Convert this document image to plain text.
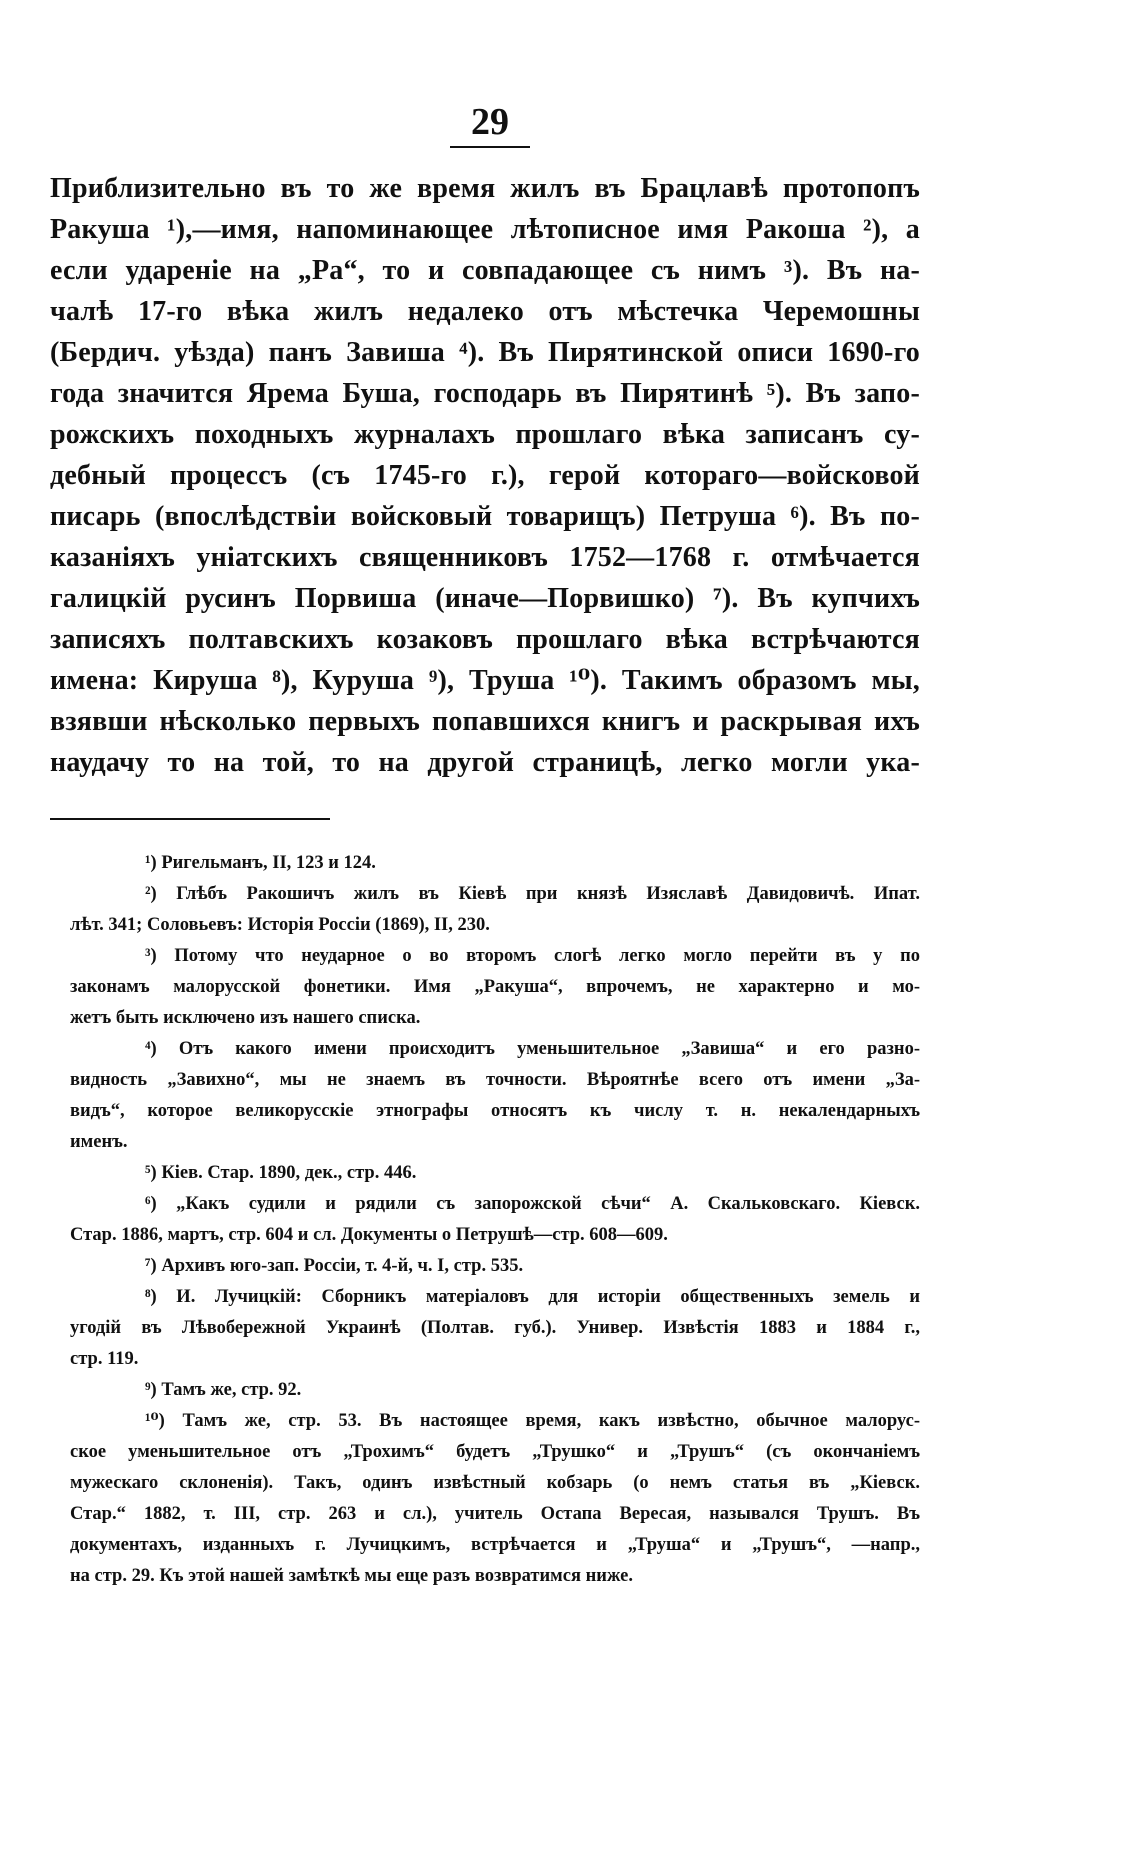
29
Приблизительно въ то же время жилъ въ Брацлавѣ протопопъ
Ракуша ¹),—имя, напоминающее лѣтописное имя Ракоша ²), а
если удареніе на „Ра“, то и совпадающее съ нимъ ³). Въ на-
чалѣ 17-го вѣка жилъ недалеко отъ мѣстечка Черемошны
(Бердич. уѣзда) панъ Завиша ⁴). Въ Пирятинской описи 1690-го
года значится Ярема Буша, господарь въ Пирятинѣ ⁵). Въ запо-
рожскихъ походныхъ журналахъ прошлаго вѣка записанъ су-
дебный процессъ (съ 1745-го г.), герой котораго—войсковой
писарь (впослѣдствіи войсковый товарищъ) Петруша ⁶). Въ по-
казаніяхъ уніатскихъ священниковъ 1752—1768 г. отмѣчается
галицкій русинъ Порвиша (иначе—Порвишко) ⁷). Въ купчихъ
записяхъ полтавскихъ козаковъ прошлаго вѣка встрѣчаются
имена: Кируша ⁸), Куруша ⁹), Труша ¹⁰). Такимъ образомъ мы,
взявши нѣсколько первыхъ попавшихся книгъ и раскрывая ихъ
наудачу то на той, то на другой страницѣ, легко могли ука-
¹) Ригельманъ, II, 123 и 124.
²) Глѣбъ Ракошичъ жилъ въ Кіевѣ при князѣ Изяславѣ Давидовичѣ. Ипат.
лѣт. 341; Соловьевъ: Исторія Россіи (1869), II, 230.
³) Потому что неударное о во второмъ слогѣ легко могло перейти въ у по
законамъ малорусской фонетики. Имя „Ракуша“, впрочемъ, не характерно и мо-
жетъ быть исключено изъ нашего списка.
⁴) Отъ какого имени происходитъ уменьшительное „Завиша“ и его разно-
видность „Завихно“, мы не знаемъ въ точности. Вѣроятнѣе всего отъ имени „За-
видъ“, которое великорусскіе этнографы относятъ къ числу т. н. некалендарныхъ
именъ.
⁵) Кіев. Стар. 1890, дек., стр. 446.
⁶) „Какъ судили и рядили съ запорожской сѣчи“ А. Скальковскаго. Кіевск.
Стар. 1886, мартъ, стр. 604 и сл. Документы о Петрушѣ—стр. 608—609.
⁷) Архивъ юго-зап. Россіи, т. 4-й, ч. I, стр. 535.
⁸) И. Лучицкій: Сборникъ матеріаловъ для исторіи общественныхъ земель и
угодій въ Лѣвобережной Украинѣ (Полтав. губ.). Универ. Извѣстія 1883 и 1884 г.,
стр. 119.
⁹) Тамъ же, стр. 92.
¹⁰) Тамъ же, стр. 53. Въ настоящее время, какъ извѣстно, обычное малорус-
ское уменьшительное отъ „Трохимъ“ будетъ „Трушко“ и „Трушъ“ (съ окончаніемъ
мужескаго склоненія). Такъ, одинъ извѣстный кобзарь (о немъ статья въ „Кіевск.
Стар.“ 1882, т. III, стр. 263 и сл.), учитель Остапа Вересая, назывался Трушъ. Въ
документахъ, изданныхъ г. Лучицкимъ, встрѣчается и „Труша“ и „Трушъ“, —напр.,
на стр. 29. Къ этой нашей замѣткѣ мы еще разъ возвратимся ниже.
